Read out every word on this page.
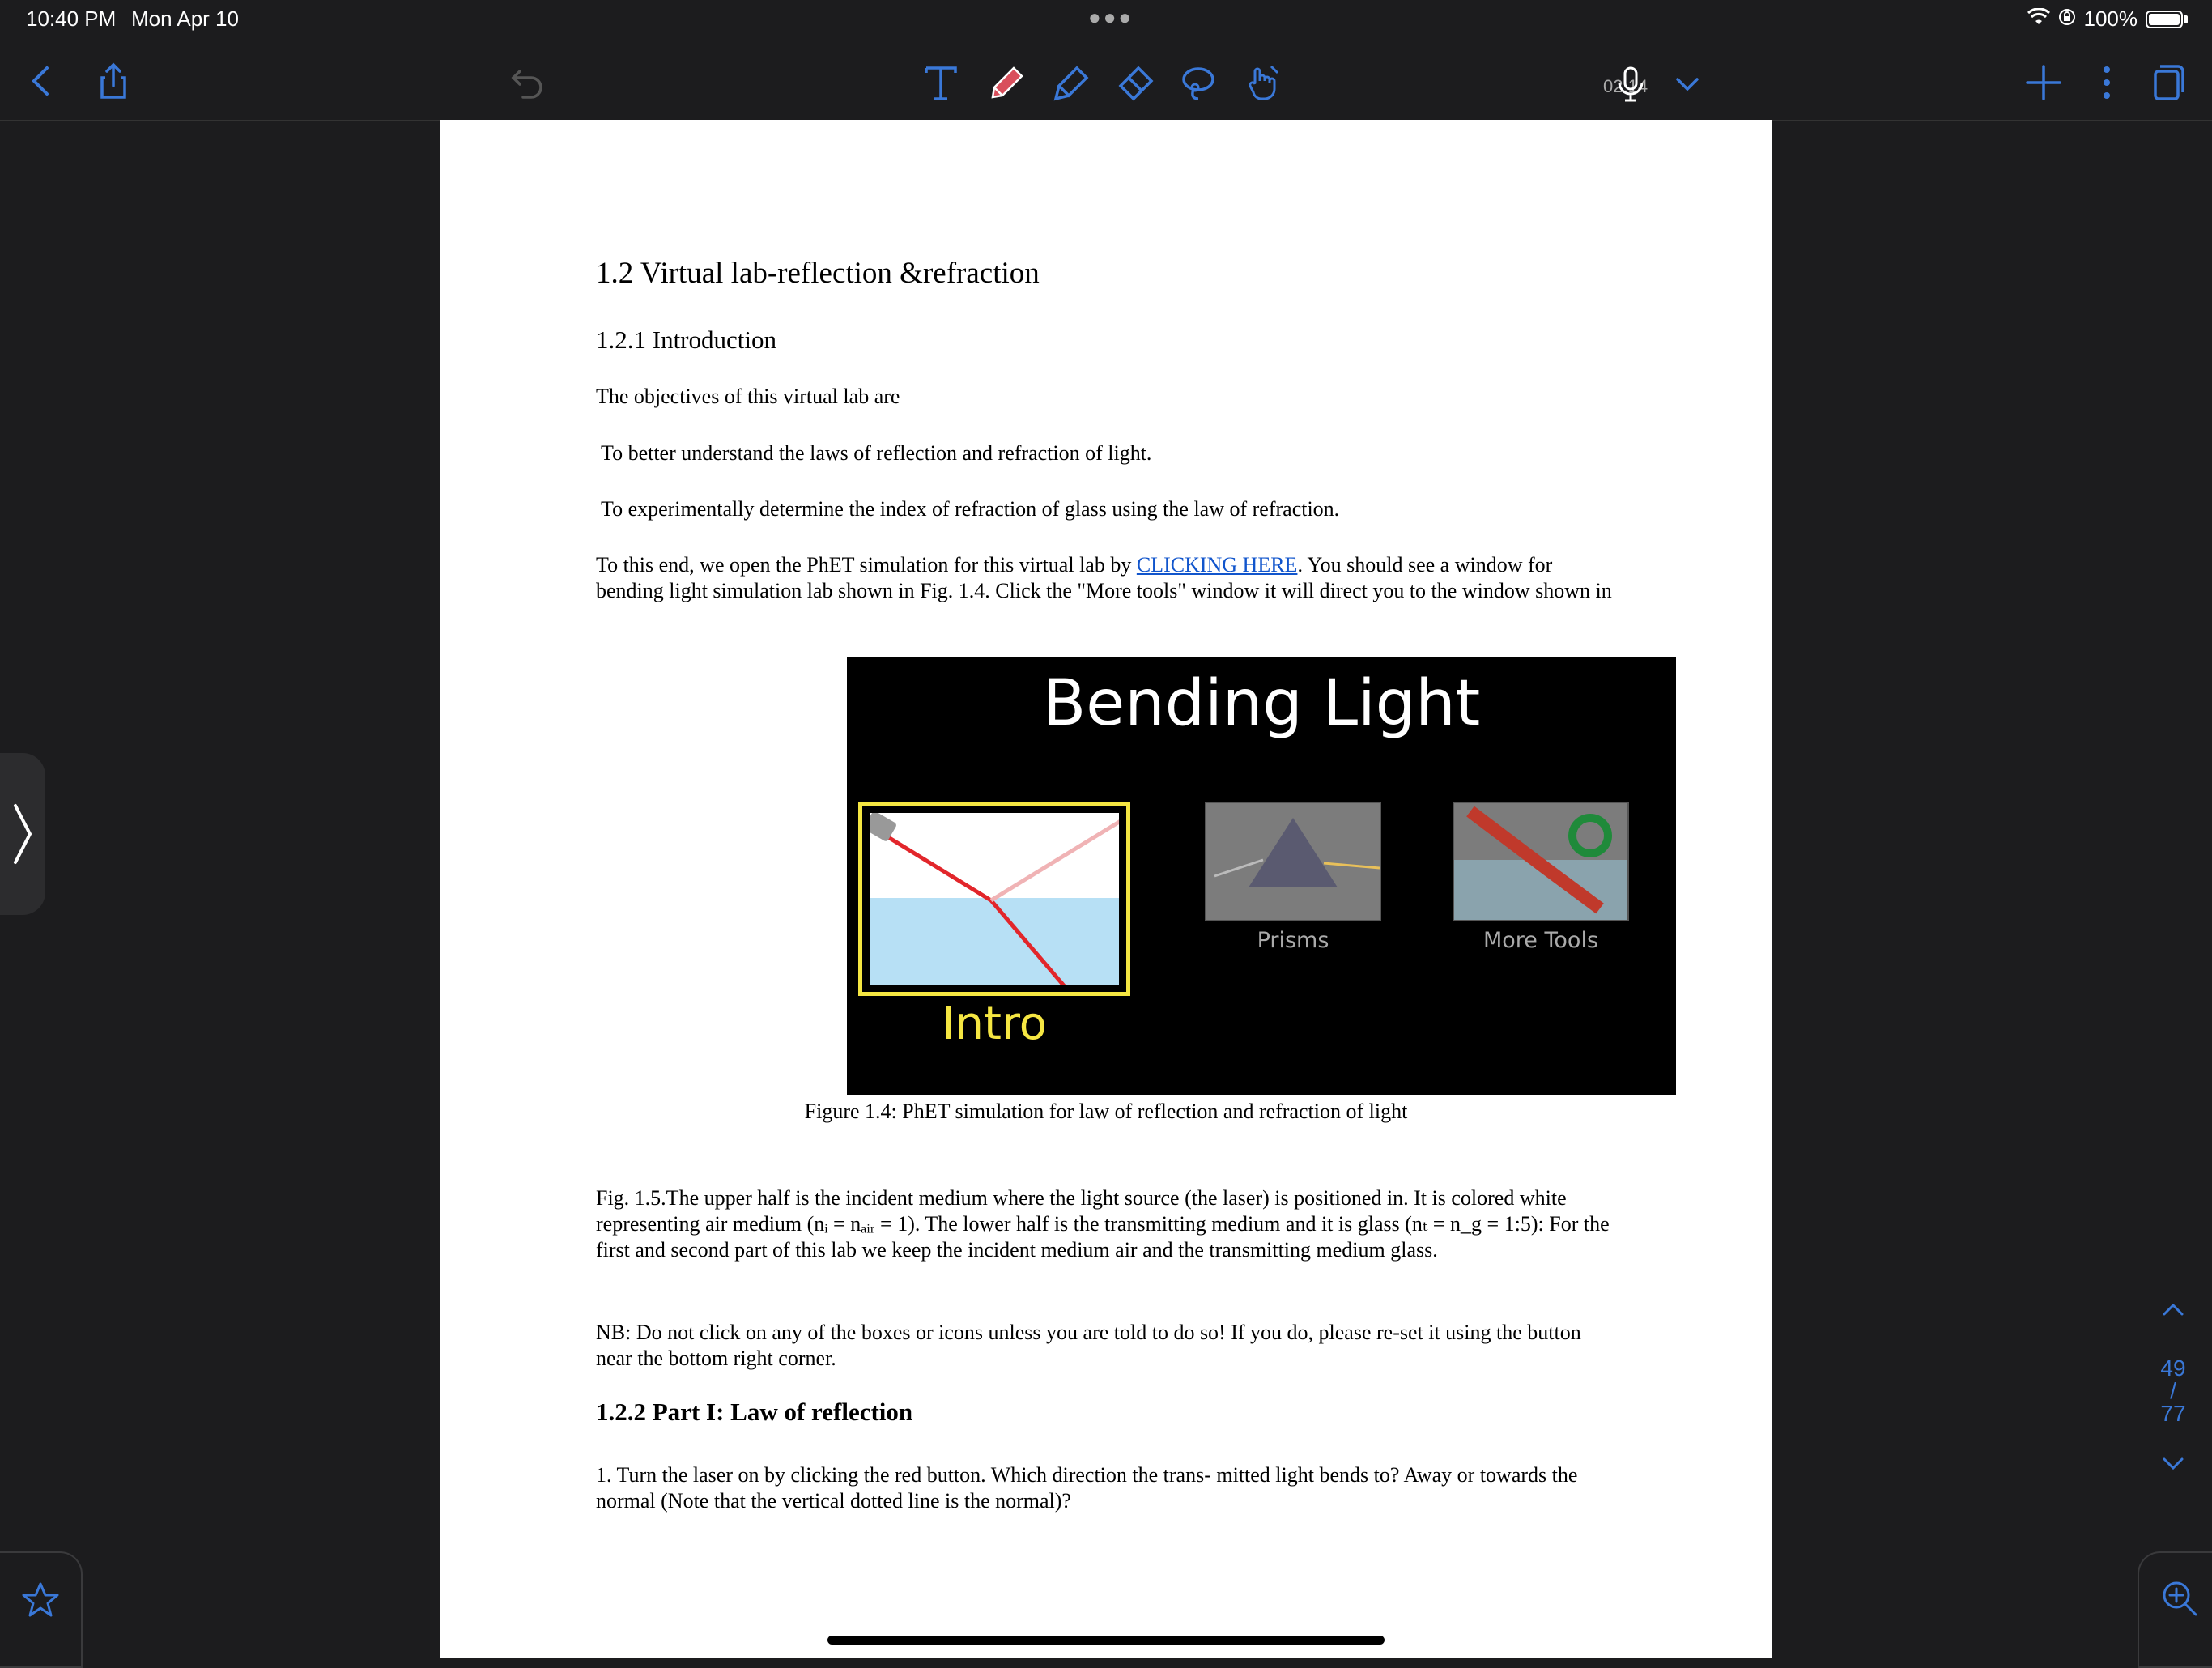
10:40 PM Mon Apr 10	●●●	100%
02:14
1.2 Virtual lab-reflection &refraction
1.2.1 Introduction
The objectives of this virtual lab are
To better understand the laws of reflection and refraction of light.
To experimentally determine the index of refraction of glass using the law of refraction.
To this end, we open the PhET simulation for this virtual lab by CLICKING HERE. You should see a window for bending light simulation lab shown in Fig. 1.4. Click the "More tools" window it will direct you to the window shown in
Bending Light
Intro
Prisms	More Tools
Figure 1.4: PhET simulation for law of reflection and refraction of light
Fig. 1.5.The upper half is the incident medium where the light source (the laser) is positioned in. It is colored white representing air medium (nᵢ = nₐᵢᵣ = 1). The lower half is the transmitting medium and it is glass (nₜ = n_g = 1:5): For the first and second part of this lab we keep the incident medium air and the transmitting medium glass.
NB: Do not click on any of the boxes or icons unless you are told to do so! If you do, please re-set it using the button near the bottom right corner.
1.2.2 Part I: Law of reflection
1. Turn the laser on by clicking the red button. Which direction the trans- mitted light bends to? Away or towards the normal (Note that the vertical dotted line is the normal)?
49
/
77
